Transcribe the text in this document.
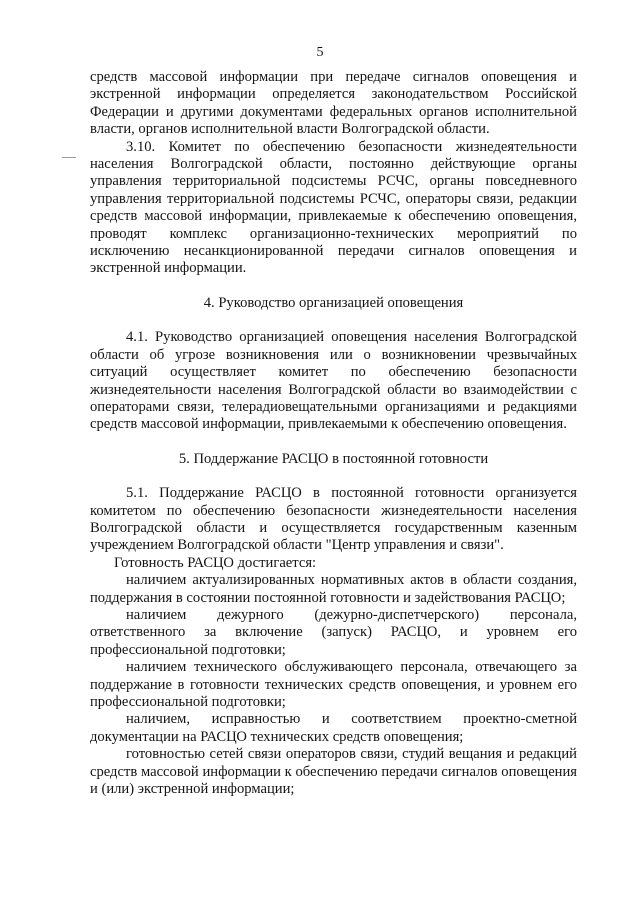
5

средств массовой информации при передаче сигналов оповещения и экстренной информации определяется законодательством Российской Федерации и другими документами федеральных органов исполнительной власти, органов исполнительной власти Волгоградской области.

3.10. Комитет по обеспечению безопасности жизнедеятельности населения Волгоградской области, постоянно действующие органы управления территориальной подсистемы РСЧС, органы повседневного управления территориальной подсистемы РСЧС, операторы связи, редакции средств массовой информации, привлекаемые к обеспечению оповещения, проводят комплекс организационно-технических мероприятий по исключению несанкционированной передачи сигналов оповещения и экстренной информации.

4. Руководство организацией оповещения

4.1. Руководство организацией оповещения населения Волгоградской области об угрозе возникновения или о возникновении чрезвычайных ситуаций осуществляет комитет по обеспечению безопасности жизнедеятельности населения Волгоградской области во взаимодействии с операторами связи, телерадиовещательными организациями и редакциями средств массовой информации, привлекаемыми к обеспечению оповещения.

5. Поддержание РАСЦО в постоянной готовности

5.1. Поддержание РАСЦО в постоянной готовности организуется комитетом по обеспечению безопасности жизнедеятельности населения Волгоградской области и осуществляется государственным казенным учреждением Волгоградской области "Центр управления и связи".

Готовность РАСЦО достигается:

наличием актуализированных нормативных актов в области создания, поддержания в состоянии постоянной готовности и задействования РАСЦО;

наличием дежурного (дежурно-диспетчерского) персонала, ответственного за включение (запуск) РАСЦО, и уровнем его профессиональной подготовки;

наличием технического обслуживающего персонала, отвечающего за поддержание в готовности технических средств оповещения, и уровнем его профессиональной подготовки;

наличием, исправностью и соответствием проектно-сметной документации на РАСЦО технических средств оповещения;

готовностью сетей связи операторов связи, студий вещания и редакций средств массовой информации к обеспечению передачи сигналов оповещения и (или) экстренной информации;
